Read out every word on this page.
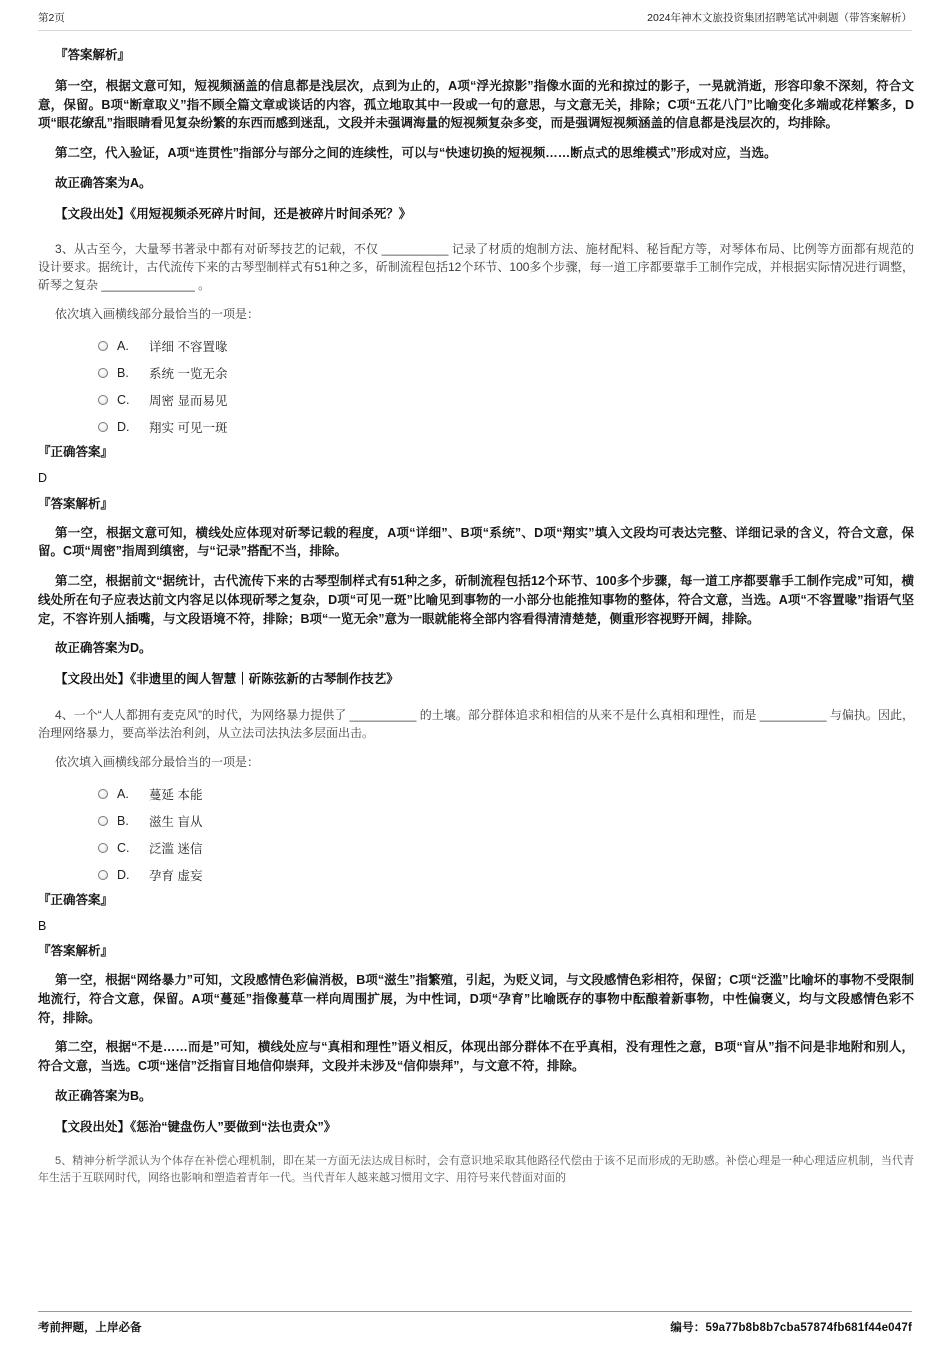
第2页	2024年神木文旅投资集团招聘笔试冲刺题（带答案解析）
『答案解析』

第一空，根据文意可知，短视频涵盖的信息都是浅层次，点到为止的，A项“浮光掠影”指像水面的光和掠过的影子，一晃就消逝，形容印象不深刻，符合文意，保留。B项“断章取义”指不顾全篇文章或谈话的内容，孤立地取其中一段或一句的意思，与文意无关，排除；C项“五花八门”比喻变化多端或花样繁多，D项“眼花缭乱”指眼睛看见复杂纷繁的东西而感到迷乱，文段并未强调海量的短视频复杂多变，而是强调短视频涵盖的信息都是浅层次的，均排除。

第二空，代入验证，A项“连贯性”指部分与部分之间的连续性，可以与“快速切换的短视频……断点式的思维模式”形成对应，当选。

故正确答案为A。

【文段出处】《用短视频杀死碎片时间，还是被碎片时间杀死？》

3、从古至今，大量琴书著录中都有对斫琴技艺的记载，不仅 __________ 记录了材质的炮制方法、施材配料、秘旨配方等，对琴体布局、比例等方面都有规范的设计要求。据统计，古代流传下来的古琴型制样式有51种之多，斫制流程包括12个环节、100多个步骤，每一道工序都要靠手工制作完成，并根据实际情况进行调整，斫琴之复杂 ______________ 。

依次填入画横线部分最恰当的一项是：

A.	详细 不容置喙
B.	系统 一览无余
C.	周密 显而易见
D.	翔实 可见一斑
『正确答案』
D
『答案解析』

第一空，根据文意可知，横线处应体现对斫琴记载的程度，A项“详细”、B项“系统”、D项“翔实”填入文段均可表达完整、详细记录的含义，符合文意，保留。C项“周密”指周到缜密，与“记录”搭配不当，排除。

第二空，根据前文“据统计，古代流传下来的古琴型制样式有51种之多，斫制流程包括12个环节、100多个步骤，每一道工序都要靠手工制作完成”可知，横线处所在句子应表达前文内容足以体现斫琴之复杂，D项“可见一斑”比喻见到事物的一小部分也能推知事物的整体，符合文意，当选。A项“不容置喙”指语气坚定，不容许别人插嘴，与文段语境不符，排除；B项“一览无余”意为一眼就能将全部内容看得清清楚楚，侧重形容视野开阔，排除。

故正确答案为D。

【文段出处】《非遗里的闽人智慧｜斫陈弦新的古琴制作技艺》

4、一个“人人都拥有麦克风”的时代，为网络暴力提供了 __________ 的土壤。部分群体追求和相信的从来不是什么真相和理性，而是 __________ 与偏执。因此，治理网络暴力，要高举法治利剑，从立法司法执法多层面出击。

依次填入画横线部分最恰当的一项是：

A.	蔓延 本能
B.	滋生 盲从
C.	泛滥 迷信
D.	孕育 虚妄
『正确答案』
B
『答案解析』

第一空，根据“网络暴力”可知，文段感情色彩偏消极，B项“滋生”指繁殖，引起，为贬义词，与文段感情色彩相符，保留；C项“泛滥”比喻坏的事物不受限制地流行，符合文意，保留。A项“蔓延”指像蔓草一样向周围扩展，为中性词，D项“孕育”比喻既存的事物中酝酿着新事物，中性偏褒义，均与文段感情色彩不符，排除。

第二空，根据“不是……而是”可知，横线处应与“真相和理性”语义相反，体现出部分群体不在乎真相，没有理性之意，B项“盲从”指不问是非地附和别人，符合文意，当选。C项“迷信”泛指盲目地信仰崇拜，文段并未涉及“信仰崇拜”，与文意不符，排除。

故正确答案为B。

【文段出处】《惩治“键盘伤人”要做到“法也责众”》

5、精神分析学派认为个体存在补偿心理机制，即在某一方面无法达成目标时，会有意识地采取其他路径代偿由于该不足而形成的无助感。补偿心理是一种心理适应机制，当代青年生活于互联网时代，网络也影响和塑造着青年一代。当代青年人越来越习惯用文字、用符号来代替面对面的

考前押题，上岸必备	编号：59a77b8b8b7cba57874fb681f44e047f
